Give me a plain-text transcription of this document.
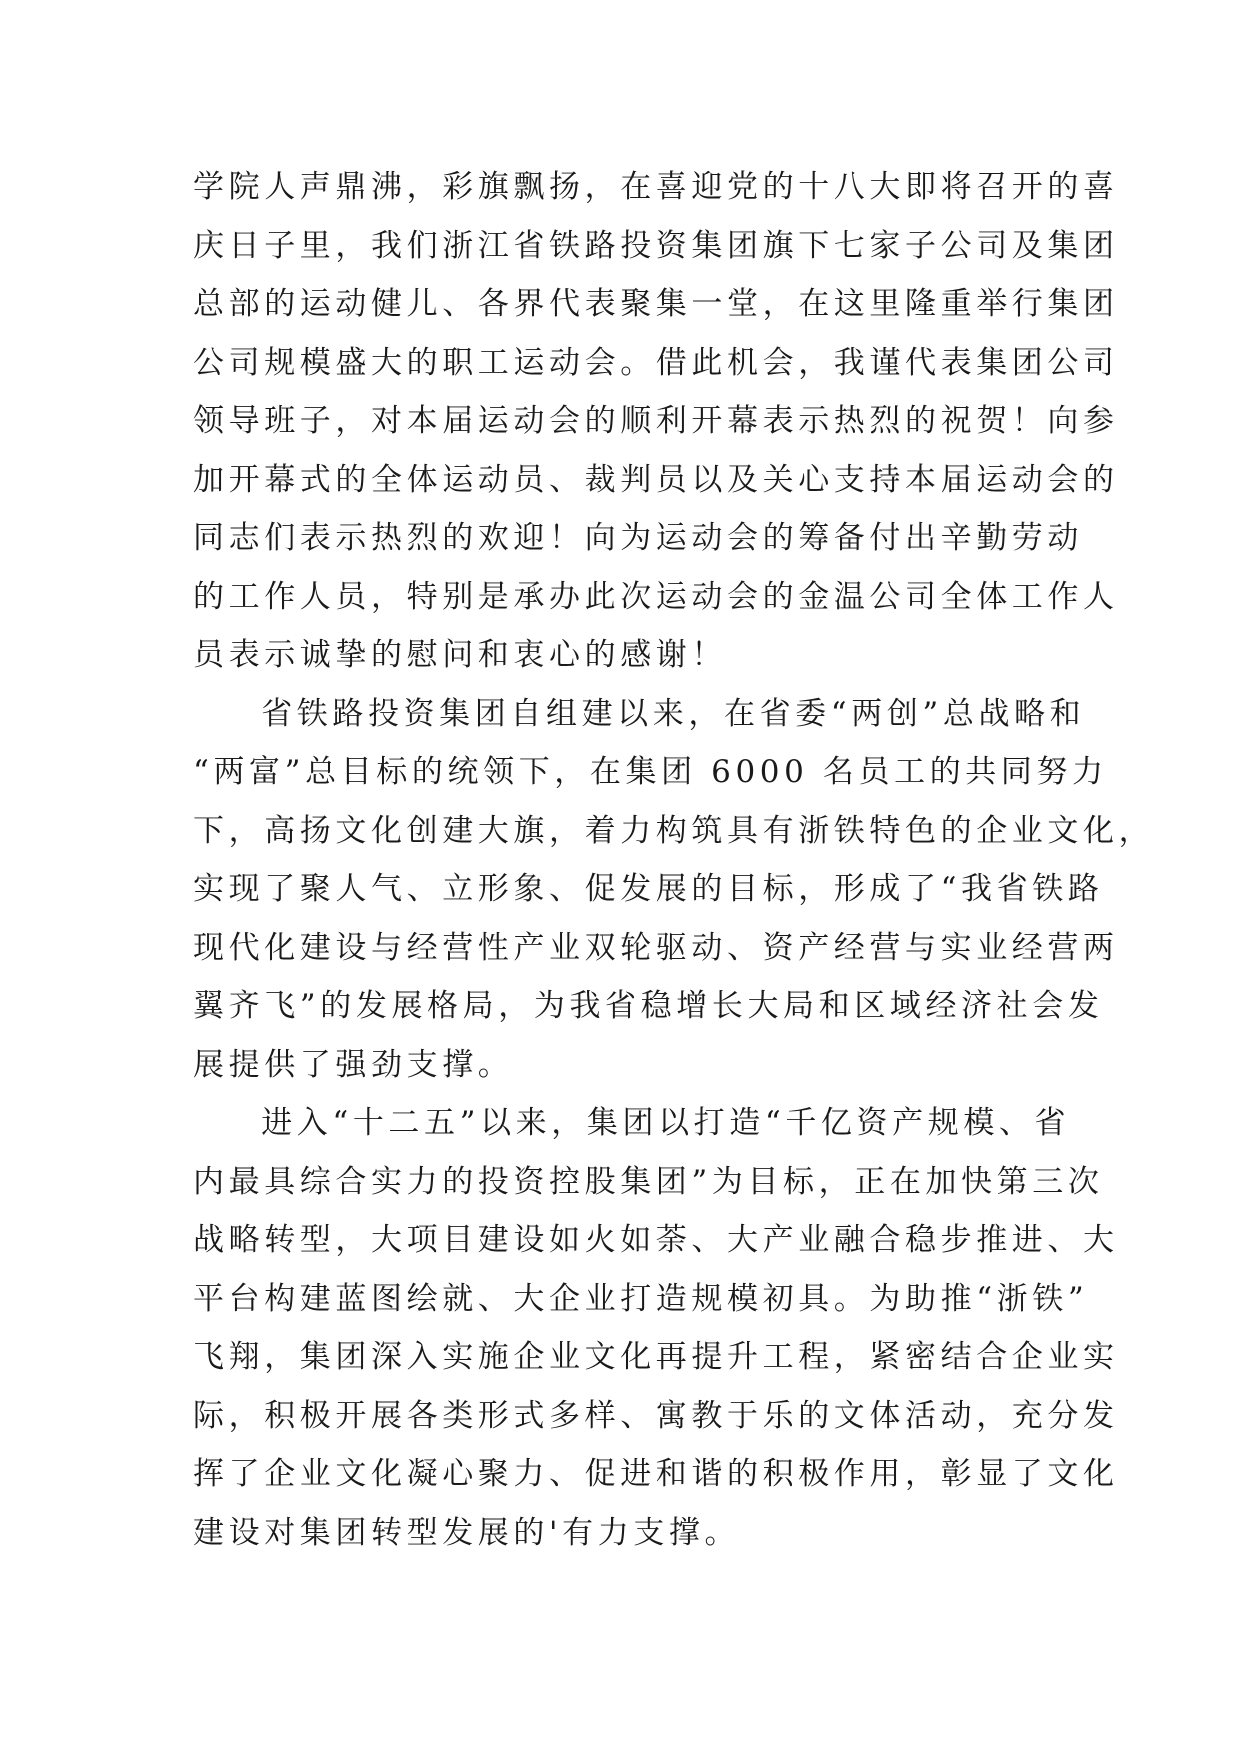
学院人声鼎沸，彩旗飘扬，在喜迎党的十八大即将召开的喜
庆日子里，我们浙江省铁路投资集团旗下七家子公司及集团
总部的运动健儿、各界代表聚集一堂，在这里隆重举行集团
公司规模盛大的职工运动会。借此机会，我谨代表集团公司
领导班子，对本届运动会的顺利开幕表示热烈的祝贺！向参
加开幕式的全体运动员、裁判员以及关心支持本届运动会的
同志们表示热烈的欢迎！向为运动会的筹备付出辛勤劳动
的工作人员，特别是承办此次运动会的金温公司全体工作人
员表示诚挚的慰问和衷心的感谢！

省铁路投资集团自组建以来，在省委“两创”总战略和
“两富”总目标的统领下，在集团 6000 名员工的共同努力
下，高扬文化创建大旗，着力构筑具有浙铁特色的企业文化，
实现了聚人气、立形象、促发展的目标，形成了“我省铁路
现代化建设与经营性产业双轮驱动、资产经营与实业经营两
翼齐飞”的发展格局，为我省稳增长大局和区域经济社会发
展提供了强劲支撑。

进入“十二五”以来，集团以打造“千亿资产规模、省
内最具综合实力的投资控股集团”为目标，正在加快第三次
战略转型，大项目建设如火如荼、大产业融合稳步推进、大
平台构建蓝图绘就、大企业打造规模初具。为助推“浙铁”
飞翔，集团深入实施企业文化再提升工程，紧密结合企业实
际，积极开展各类形式多样、寓教于乐的文体活动，充分发
挥了企业文化凝心聚力、促进和谐的积极作用，彰显了文化
建设对集团转型发展的'有力支撑。
